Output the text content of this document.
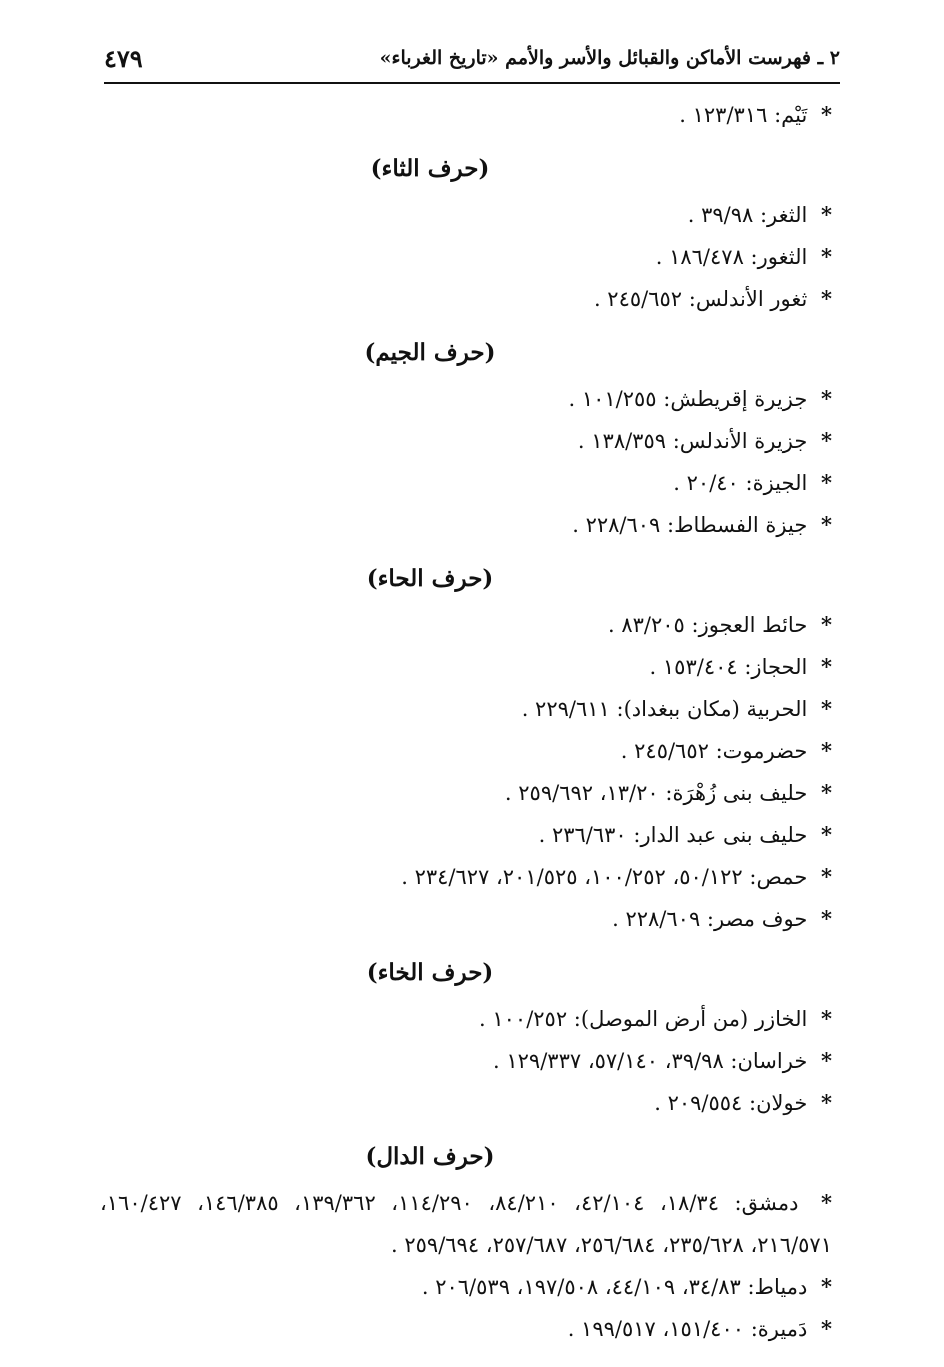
٤٧٩	٢ ـ فهرست الأماكن والقبائل والأسر والأمم «تاريخ الغرباء»
* تَيْم: ١٢٣/٣١٦ .
(حرف الثاء)
* الثغر: ٣٩/٩٨ .
* الثغور: ١٨٦/٤٧٨ .
* ثغور الأندلس: ٢٤٥/٦٥٢ .
(حرف الجيم)
* جزيرة إقريطش: ١٠١/٢٥٥ .
* جزيرة الأندلس: ١٣٨/٣٥٩ .
* الجيزة: ٢٠/٤٠ .
* جيزة الفسطاط: ٢٢٨/٦٠٩ .
(حرف الحاء)
* حائط العجوز: ٨٣/٢٠٥ .
* الحجاز: ١٥٣/٤٠٤ .
* الحربية (مكان ببغداد): ٢٢٩/٦١١ .
* حضرموت: ٢٤٥/٦٥٢ .
* حليف بنى زُهْرَة: ١٣/٢٠، ٢٥٩/٦٩٢ .
* حليف بنى عبد الدار: ٢٣٦/٦٣٠ .
* حمص: ٥٠/١٢٢، ١٠٠/٢٥٢، ٢٠١/٥٢٥، ٢٣٤/٦٢٧ .
* حوف مصر: ٢٢٨/٦٠٩ .
(حرف الخاء)
* الخازر (من أرض الموصل): ١٠٠/٢٥٢ .
* خراسان: ٣٩/٩٨، ٥٧/١٤٠، ١٢٩/٣٣٧ .
* خولان: ٢٠٩/٥٥٤ .
(حرف الدال)
* دمشق: ١٨/٣٤، ٤٢/١٠٤، ٨٤/٢١٠، ١١٤/٢٩٠، ١٣٩/٣٦٢، ١٤٦/٣٨٥، ١٦٠/٤٢٧، ٢١٦/٥٧١، ٢٣٥/٦٢٨، ٢٥٦/٦٨٤، ٢٥٧/٦٨٧، ٢٥٩/٦٩٤ .
* دمياط: ٣٤/٨٣، ٤٤/١٠٩، ١٩٧/٥٠٨، ٢٠٦/٥٣٩ .
* دَميرة: ١٥١/٤٠٠، ١٩٩/٥١٧ .
